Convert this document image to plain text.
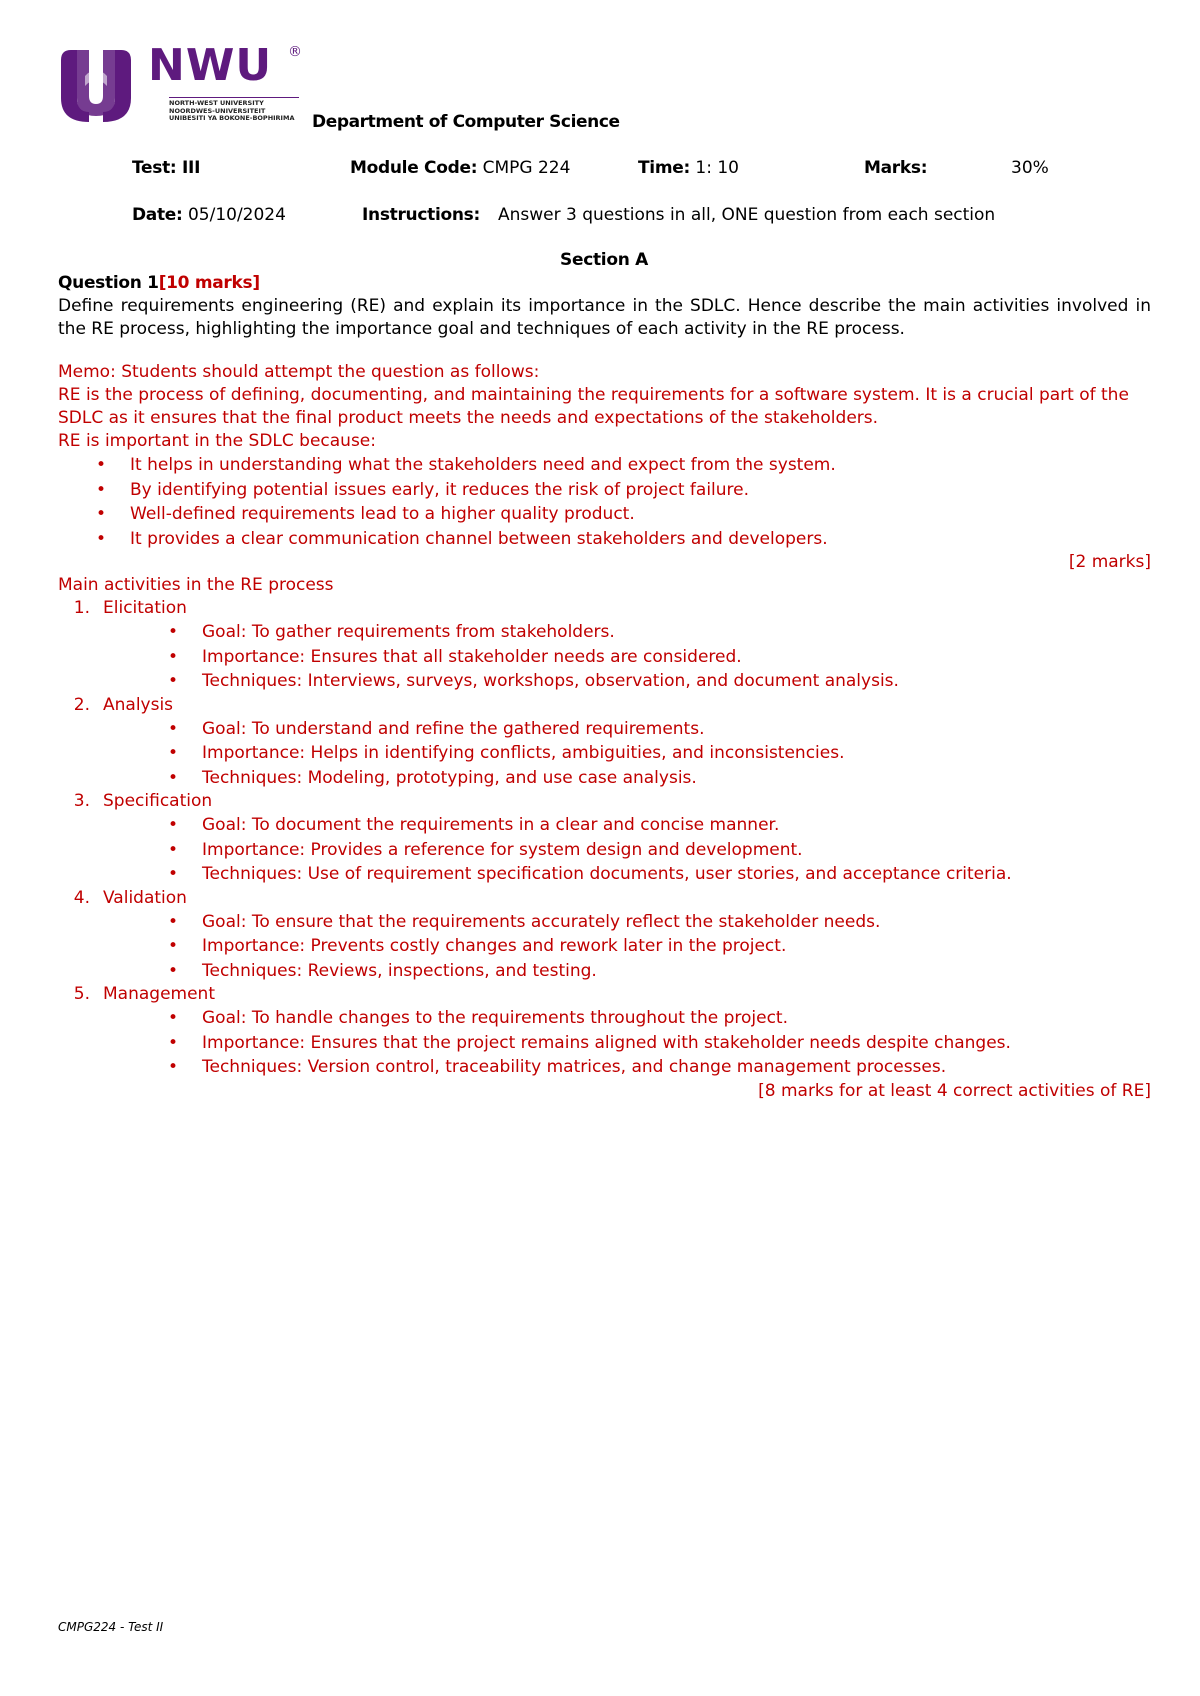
NWU ®
NORTH-WEST UNIVERSITY
NOORDWES-UNIVERSITEIT
UNIBESITI YA BOKONE-BOPHIRIMA Department of Computer Science
Test: III	Module Code: CMPG 224	Time: 1: 10	Marks:	30%
Date: 05/10/2024	Instructions: Answer 3 questions in all, ONE question from each section
Section A
Question 1[10 marks]
Define requirements engineering (RE) and explain its importance in the SDLC. Hence describe the main activities involved in the RE process, highlighting the importance goal and techniques of each activity in the RE process.
Memo: Students should attempt the question as follows:
RE is the process of defining, documenting, and maintaining the requirements for a software system. It is a crucial part of the SDLC as it ensures that the final product meets the needs and expectations of the stakeholders.
RE is important in the SDLC because:
• It helps in understanding what the stakeholders need and expect from the system.
• By identifying potential issues early, it reduces the risk of project failure.
• Well-defined requirements lead to a higher quality product.
• It provides a clear communication channel between stakeholders and developers.
[2 marks]
Main activities in the RE process
1. Elicitation
• Goal: To gather requirements from stakeholders.
• Importance: Ensures that all stakeholder needs are considered.
• Techniques: Interviews, surveys, workshops, observation, and document analysis.
2. Analysis
• Goal: To understand and refine the gathered requirements.
• Importance: Helps in identifying conflicts, ambiguities, and inconsistencies.
• Techniques: Modeling, prototyping, and use case analysis.
3. Specification
• Goal: To document the requirements in a clear and concise manner.
• Importance: Provides a reference for system design and development.
• Techniques: Use of requirement specification documents, user stories, and acceptance criteria.
4. Validation
• Goal: To ensure that the requirements accurately reflect the stakeholder needs.
• Importance: Prevents costly changes and rework later in the project.
• Techniques: Reviews, inspections, and testing.
5. Management
• Goal: To handle changes to the requirements throughout the project.
• Importance: Ensures that the project remains aligned with stakeholder needs despite changes.
• Techniques: Version control, traceability matrices, and change management processes.
[8 marks for at least 4 correct activities of RE]
CMPG224 - Test II
